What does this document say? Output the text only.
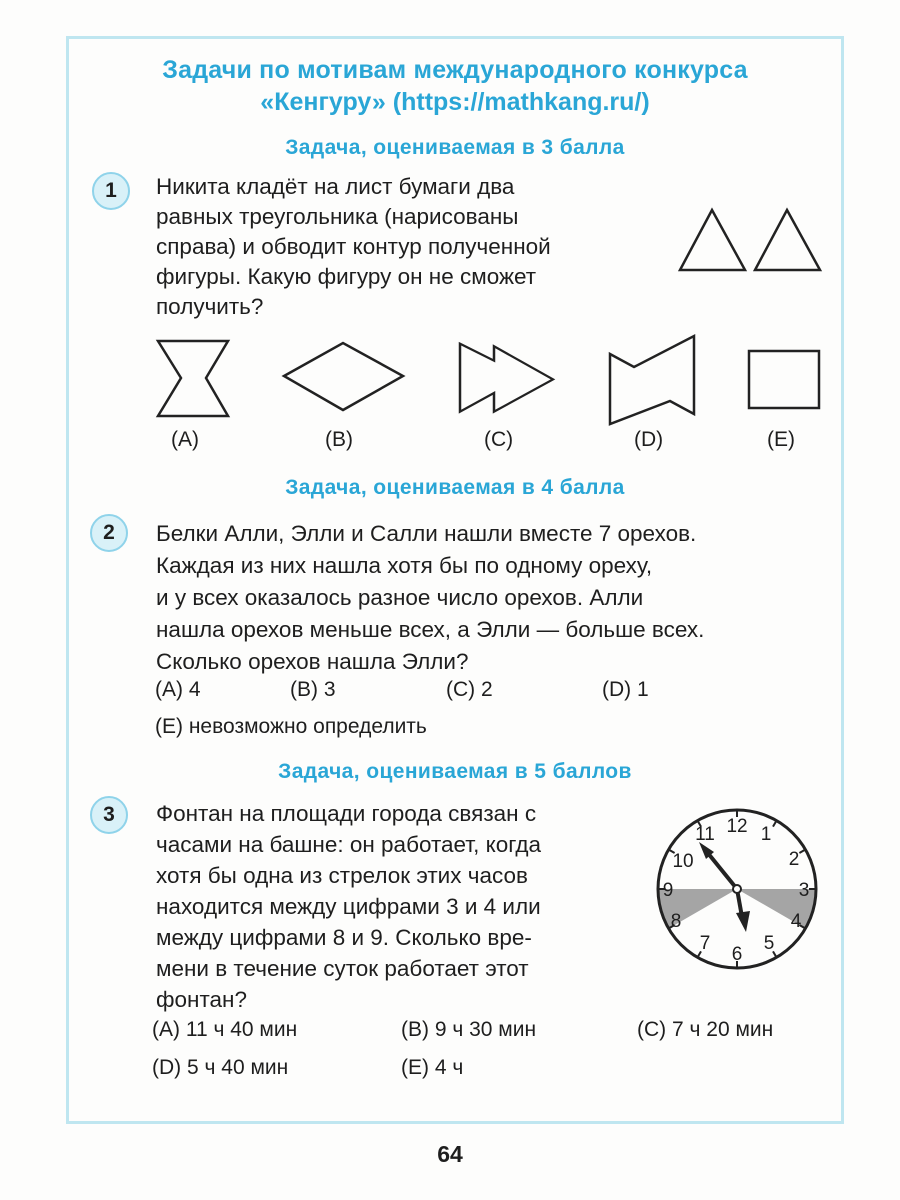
Задачи по мотивам международного конкурса
«Кенгуру» (https://mathkang.ru/)
Задача, оцениваемая в 3 балла
1	Никита кладёт на лист бумаги два

равных треугольника (нарисованы

справа) и обводит контур полученной

фигуры. Какую фигуру он не сможет

получить?

(A)	(B)	(C)	(D)	(E)
Задача, оцениваемая в 4 балла
2	Белки Алли, Элли и Салли нашли вместе 7 орехов.

Каждая из них нашла хотя бы по одному ореху,

и у всех оказалось разное число орехов. Алли

нашла орехов меньше всех, а Элли — больше всех.

Сколько орехов нашла Элли?

(A) 4	(B) 3	(C) 2	(D) 1
(E) невозможно определить
Задача, оцениваемая в 5 баллов
3	Фонтан на площади города связан с

часами на башне: он работает, когда

хотя бы одна из стрелок этих часов

находится между цифрами 3 и 4 или

между цифрами 8 и 9. Сколько вре-

мени в течение суток работает этот

фонтан?

12 1
2
3
4
5
6
7
8
9
10
11
(A) 11 ч 40 мин	(B) 9 ч 30 мин	(C) 7 ч 20 мин
(D) 5 ч 40 мин	(E) 4 ч
64
